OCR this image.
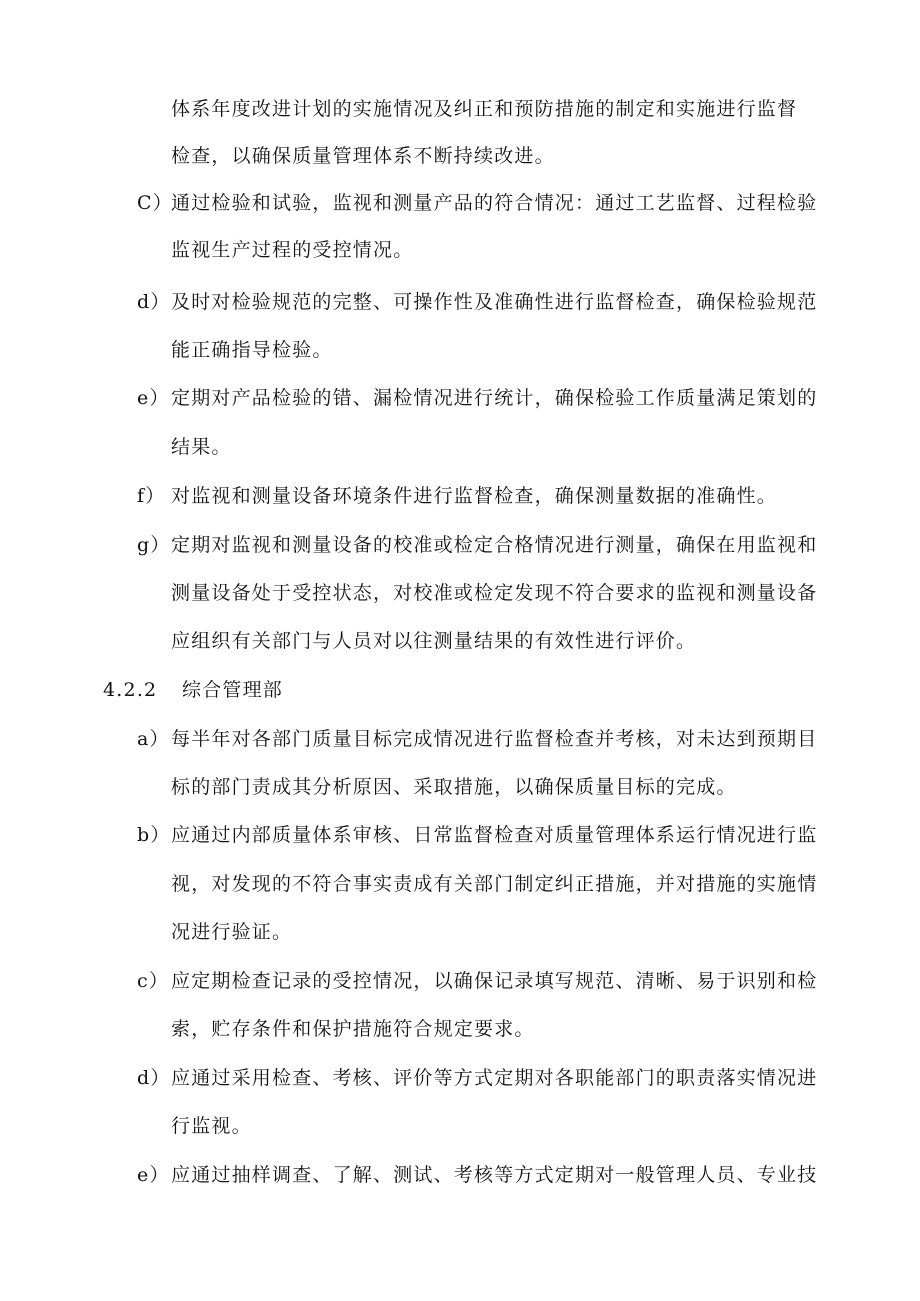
体系年度改进计划的实施情况及纠正和预防措施的制定和实施进行监督
检查，以确保质量管理体系不断持续改进。
C）
通过检验和试验，监视和测量产品的符合情况：通过工艺监督、过程检验
监视生产过程的受控情况。
d） 及时对检验规范的完整、可操作性及准确性进行监督检查，确保检验规范
能正确指导检验。
e） 定期对产品检验的错、漏检情况进行统计，确保检验工作质量满足策划的
结果。
f） 对监视和测量设备环境条件进行监督检查，确保测量数据的准确性。
g） 定期对监视和测量设备的校准或检定合格情况进行测量，确保在用监视和
测量设备处于受控状态，对校准或检定发现不符合要求的监视和测量设备
应组织有关部门与人员对以往测量结果的有效性进行评价。
4.2.2 综合管理部
a） 每半年对各部门质量目标完成情况进行监督检查并考核，对未达到预期目
标的部门责成其分析原因、采取措施，以确保质量目标的完成。
b） 应通过内部质量体系审核、日常监督检查对质量管理体系运行情况进行监
视，对发现的不符合事实责成有关部门制定纠正措施，并对措施的实施情
况进行验证。
c） 应定期检查记录的受控情况，以确保记录填写规范、清晰、易于识别和检
索，贮存条件和保护措施符合规定要求。
d） 应通过采用检查、考核、评价等方式定期对各职能部门的职责落实情况进
行监视。
e） 应通过抽样调查、了解、测试、考核等方式定期对一般管理人员、专业技
